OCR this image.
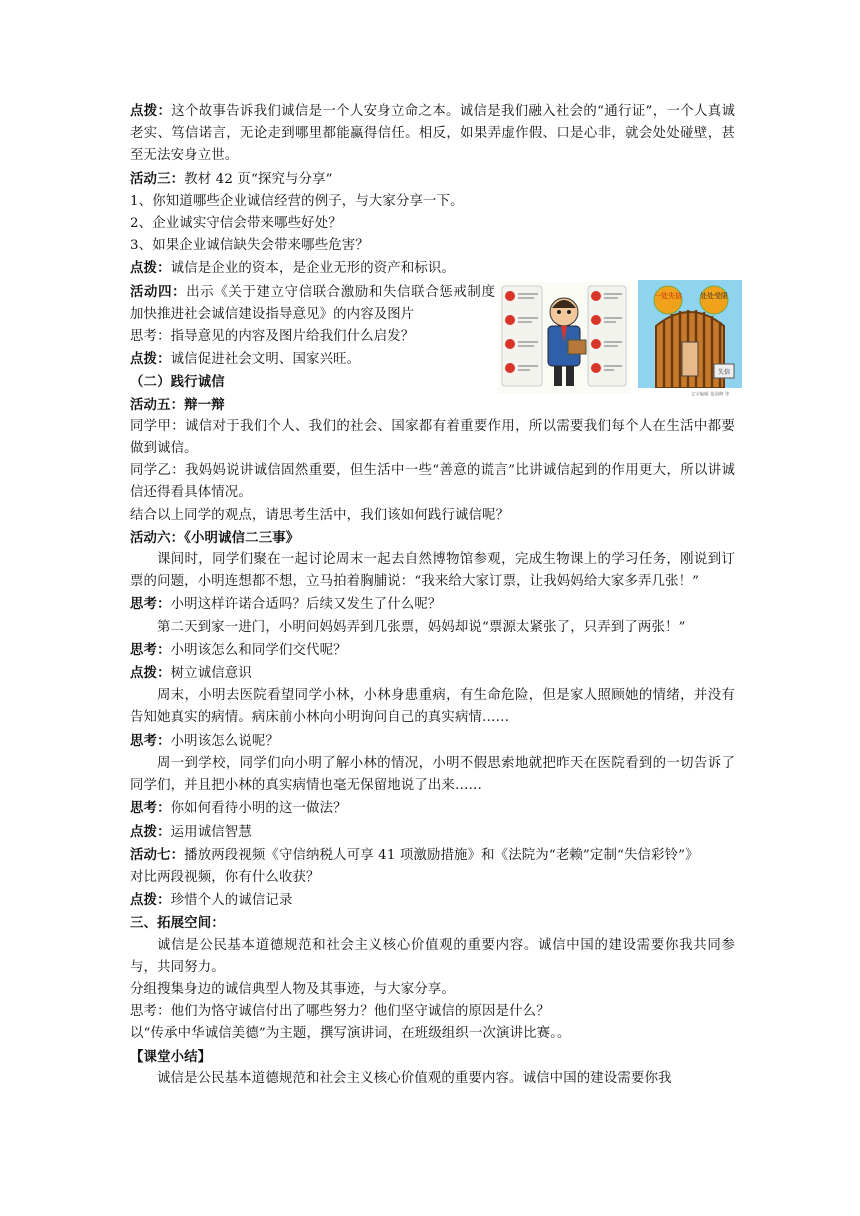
点拨：这个故事告诉我们诚信是一个人安身立命之本。诚信是我们融入社会的“通行证”，一个人真诚老实、笃信诺言，无论走到哪里都能赢得信任。相反，如果弄虚作假、口是心非，就会处处碰壁，甚至无法安身立世。

活动三：教材 42 页“探究与分享”

1、你知道哪些企业诚信经营的例子，与大家分享一下。

2、企业诚实守信会带来哪些好处？

3、如果企业诚信缺失会带来哪些危害？

点拨：诚信是企业的资本，是企业无形的资产和标识。

活动四：出示《关于建立守信联合激励和失信联合惩戒制度加快推进社会诚信建设指导意见》的内容及图片

思考：指导意见的内容及图片给我们什么启发？

点拨：诚信促进社会文明、国家兴旺。

（二）践行诚信

活动五：辩一辩

同学甲：诚信对于我们个人、我们的社会、国家都有着重要作用，所以需要我们每个人在生活中都要做到诚信。

同学乙：我妈妈说讲诚信固然重要，但生活中一些“善意的谎言”比讲诚信起到的作用更大，所以讲诚信还得看具体情况。

结合以上同学的观点，请思考生活中，我们该如何践行诚信呢？

活动六：《小明诚信二三事》

课间时，同学们聚在一起讨论周末一起去自然博物馆参观，完成生物课上的学习任务，刚说到订票的问题，小明连想都不想，立马拍着胸脯说：“我来给大家订票，让我妈妈给大家多弄几张！”

思考：小明这样许诺合适吗？后续又发生了什么呢？

第二天到家一进门，小明问妈妈弄到几张票，妈妈却说“票源太紧张了，只弄到了两张！”

思考：小明该怎么和同学们交代呢？

点拨：树立诚信意识

周末，小明去医院看望同学小林，小林身患重病，有生命危险，但是家人照顾她的情绪，并没有告知她真实的病情。病床前小林向小明询问自己的真实病情……

思考：小明该怎么说呢？

周一到学校，同学们向小明了解小林的情况，小明不假思索地就把昨天在医院看到的一切告诉了同学们，并且把小林的真实病情也毫无保留地说了出来……

思考：你如何看待小明的这一做法？

点拨：运用诚信智慧

活动七：播放两段视频《守信纳税人可享 41 项激励措施》和《法院为“老赖”定制“失信彩铃”》

对比两段视频，你有什么收获？

点拨：珍惜个人的诚信记录

三、拓展空间：

诚信是公民基本道德规范和社会主义核心价值观的重要内容。诚信中国的建设需要你我共同参与，共同努力。

分组搜集身边的诚信典型人物及其事迹，与大家分享。

思考：他们为恪守诚信付出了哪些努力？他们坚守诚信的原因是什么？

以“传承中华诚信美德”为主题，撰写演讲词，在班级组织一次演讲比赛。。

【课堂小结】

诚信是公民基本道德规范和社会主义核心价值观的重要内容。诚信中国的建设需要你我

一处失信	处处受限
失信
文字编辑 张国峰 等
